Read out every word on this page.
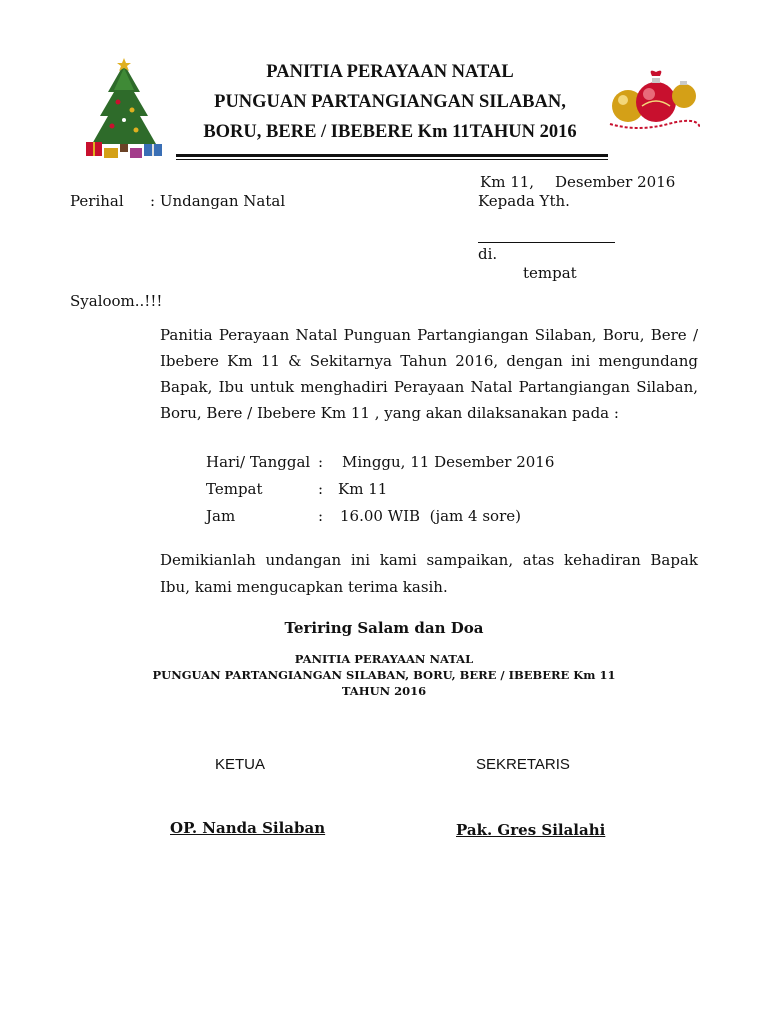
PANITIA PERAYAAN NATAL
PUNGUAN PARTANGIANGAN SILABAN,
BORU, BERE / IBEBERE Km 11TAHUN 2016
Km 11, Desember 2016
Perihal : Undangan Natal	Kepada Yth.
di.
tempat
Syaloom..!!!
Panitia Perayaan Natal Punguan Partangiangan Silaban, Boru, Bere / Ibebere Km 11 & Sekitarnya Tahun 2016, dengan ini mengundang Bapak, Ibu untuk menghadiri Perayaan Natal Partangiangan Silaban, Boru, Bere / Ibebere Km 11 , yang akan dilaksanakan pada :
Hari/ Tanggal : Minggu, 11 Desember 2016
Tempat	: Km 11
Jam	: 16.00 WIB  (jam 4 sore)
Demikianlah undangan ini kami sampaikan, atas kehadiran Bapak Ibu, kami mengucapkan terima kasih.
Teriring Salam dan Doa
PANITIA PERAYAAN NATAL
PUNGUAN PARTANGIANGAN SILABAN, BORU, BERE / IBEBERE Km 11
TAHUN 2016
KETUA	SEKRETARIS
OP. Nanda Silaban	Pak. Gres Silalahi
